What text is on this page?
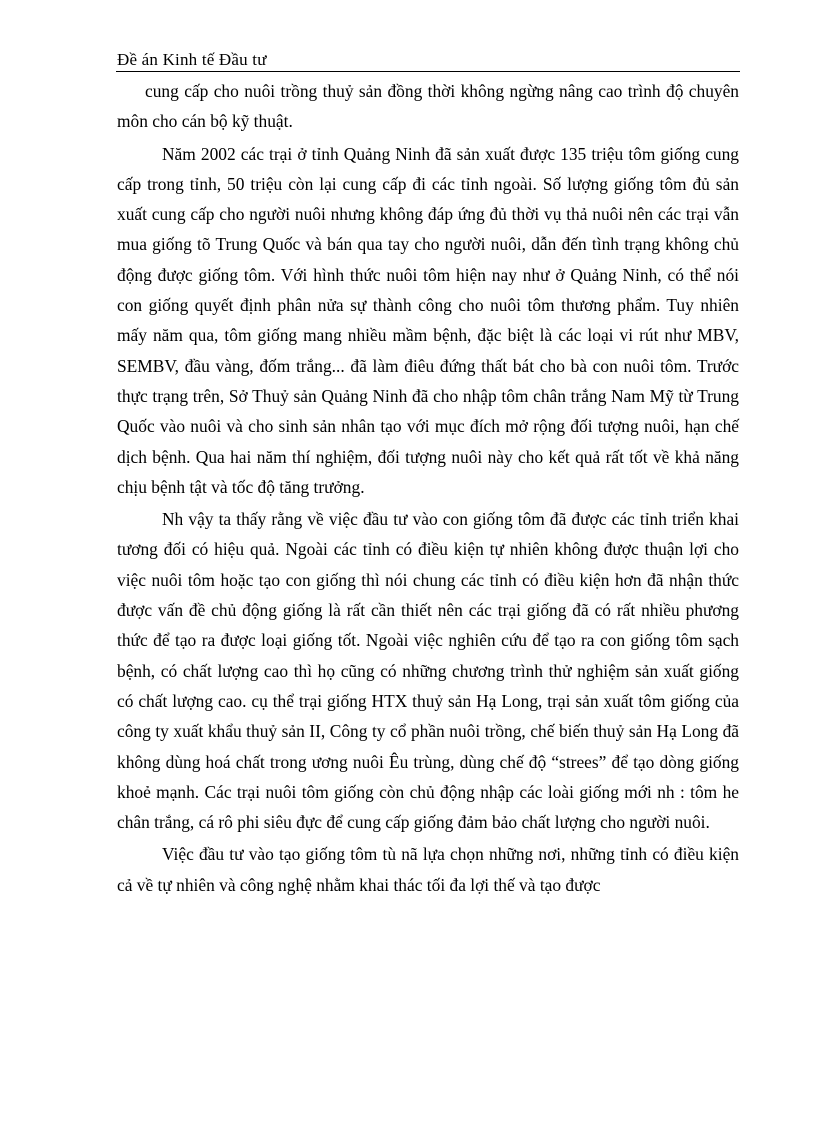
Đề án Kinh tế Đầu tư

cung cấp cho nuôi trồng thuỷ sản đồng thời không ngừng nâng cao trình độ chuyên môn cho cán bộ kỹ thuật.

Năm 2002 các trại ở tỉnh Quảng Ninh đã sản xuất được 135 triệu tôm giống cung cấp trong tỉnh, 50 triệu còn lại cung cấp đi các tỉnh ngoài. Số lượng giống tôm đủ sản xuất cung cấp cho người nuôi nhưng không đáp ứng đủ thời vụ thả nuôi nên các trại vẫn mua giống tõ Trung Quốc và bán qua tay cho người nuôi, dẫn đến tình trạng không chủ động được giống tôm. Với hình thức nuôi tôm hiện nay như ở Quảng Ninh, có thể nói con giống quyết định phân nửa sự thành công cho nuôi tôm thương phẩm. Tuy nhiên mấy năm qua, tôm giống mang nhiều mầm bệnh, đặc biệt là các loại vi rút như MBV, SEMBV, đầu vàng, đốm trắng... đã làm điêu đứng thất bát cho bà con nuôi tôm. Trước thực trạng trên, Sở Thuỷ sản Quảng Ninh đã cho nhập tôm chân trắng Nam Mỹ từ Trung Quốc vào nuôi và cho sinh sản nhân tạo với mục đích mở rộng đối tượng nuôi, hạn chế dịch bệnh. Qua hai năm thí nghiệm, đối tượng nuôi này cho kết quả rất tốt về khả năng chịu bệnh tật và tốc độ tăng trưởng.

Nh vậy ta thấy rằng về việc đầu tư vào con giống tôm đã được các tỉnh triển khai tương đối có hiệu quả. Ngoài các tỉnh có điều kiện tự nhiên không được thuận lợi cho việc nuôi tôm hoặc tạo con giống thì nói chung các tỉnh có điều kiện hơn đã nhận thức được vấn đề chủ động giống là rất cần thiết nên các trại giống đã có rất nhiều phương thức để tạo ra được loại giống tốt. Ngoài việc nghiên cứu để tạo ra con giống tôm sạch bệnh, có chất lượng cao thì họ cũng có những chương trình thử nghiệm sản xuất giống có chất lượng cao. cụ thể trại giống HTX thuỷ sản Hạ Long, trại sản xuất tôm giống của công ty xuất khẩu thuỷ sản II, Công ty cổ phần nuôi trồng, chế biến thuỷ sản Hạ Long đã không dùng hoá chất trong ương nuôi Êu trùng, dùng chế độ “strees” để tạo dòng giống khoẻ mạnh. Các trại nuôi tôm giống còn chủ động nhập các loài giống mới nh : tôm he chân trắng, cá rô phi siêu đực để cung cấp giống đảm bảo chất lượng cho người nuôi.

Việc đầu tư vào tạo giống tôm tù nã lựa chọn những nơi, những tỉnh có điều kiện cả về tự nhiên và công nghệ nhằm khai thác tối đa lợi thế và tạo được
